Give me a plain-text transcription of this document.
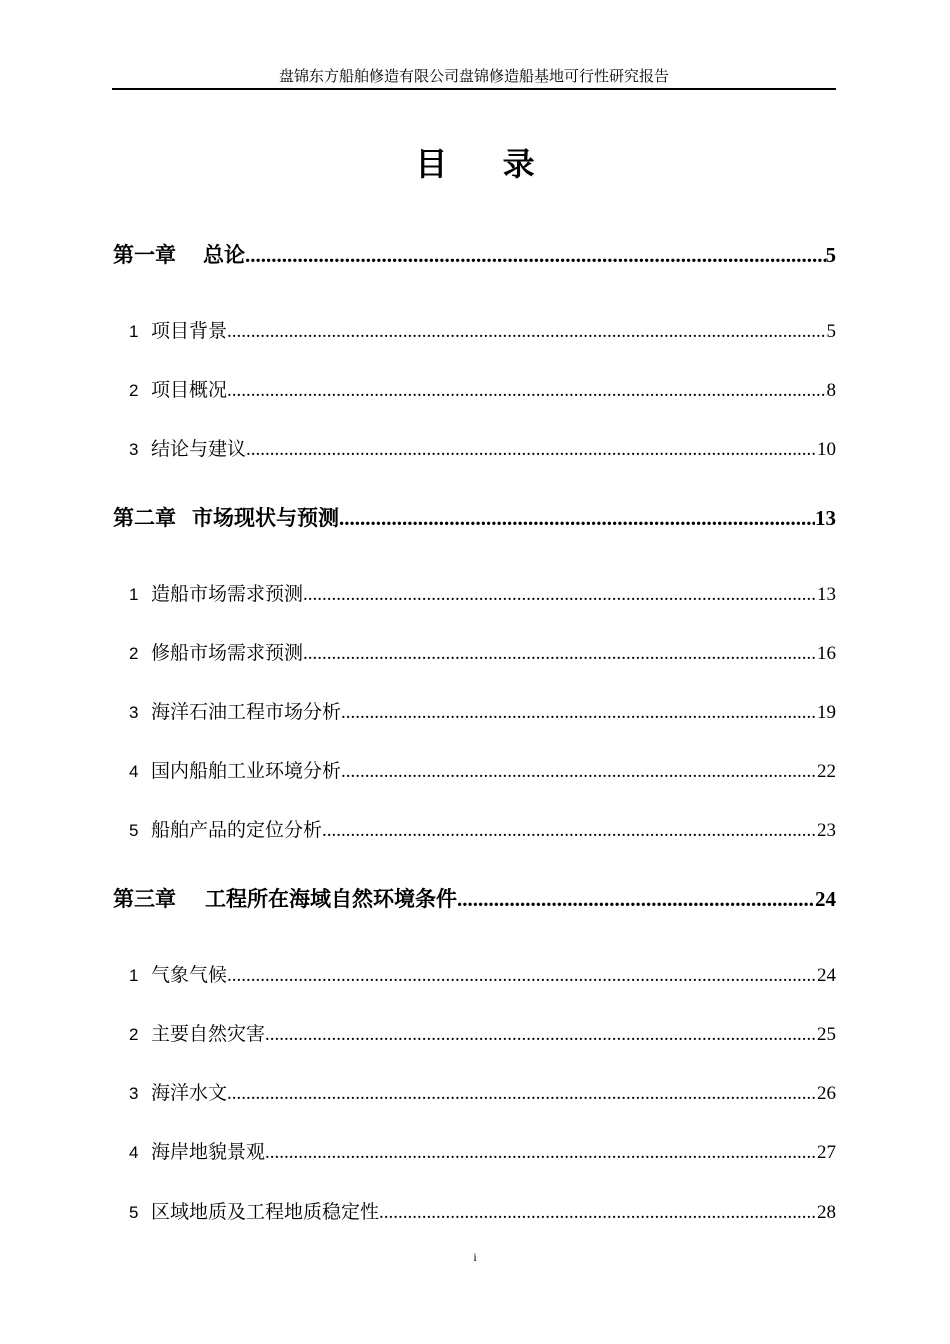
盘锦东方船舶修造有限公司盘锦修造船基地可行性研究报告
目 录
第一章 总论 .....	5
1 项目背景 .....	5
2 项目概况 .....	8
3 结论与建议 .....	10
第二章 市场现状与预测 .....	13
1 造船市场需求预测 .....	13
2 修船市场需求预测 .....	16
3 海洋石油工程市场分析 .....	19
4 国内船舶工业环境分析 .....	22
5 船舶产品的定位分析 .....	23
第三章 工程所在海域自然环境条件 .....	24
1 气象气候 .....	24
2 主要自然灾害 .....	25
3 海洋水文 .....	26
4 海岸地貌景观 .....	27
5 区域地质及工程地质稳定性 .....	28
i
